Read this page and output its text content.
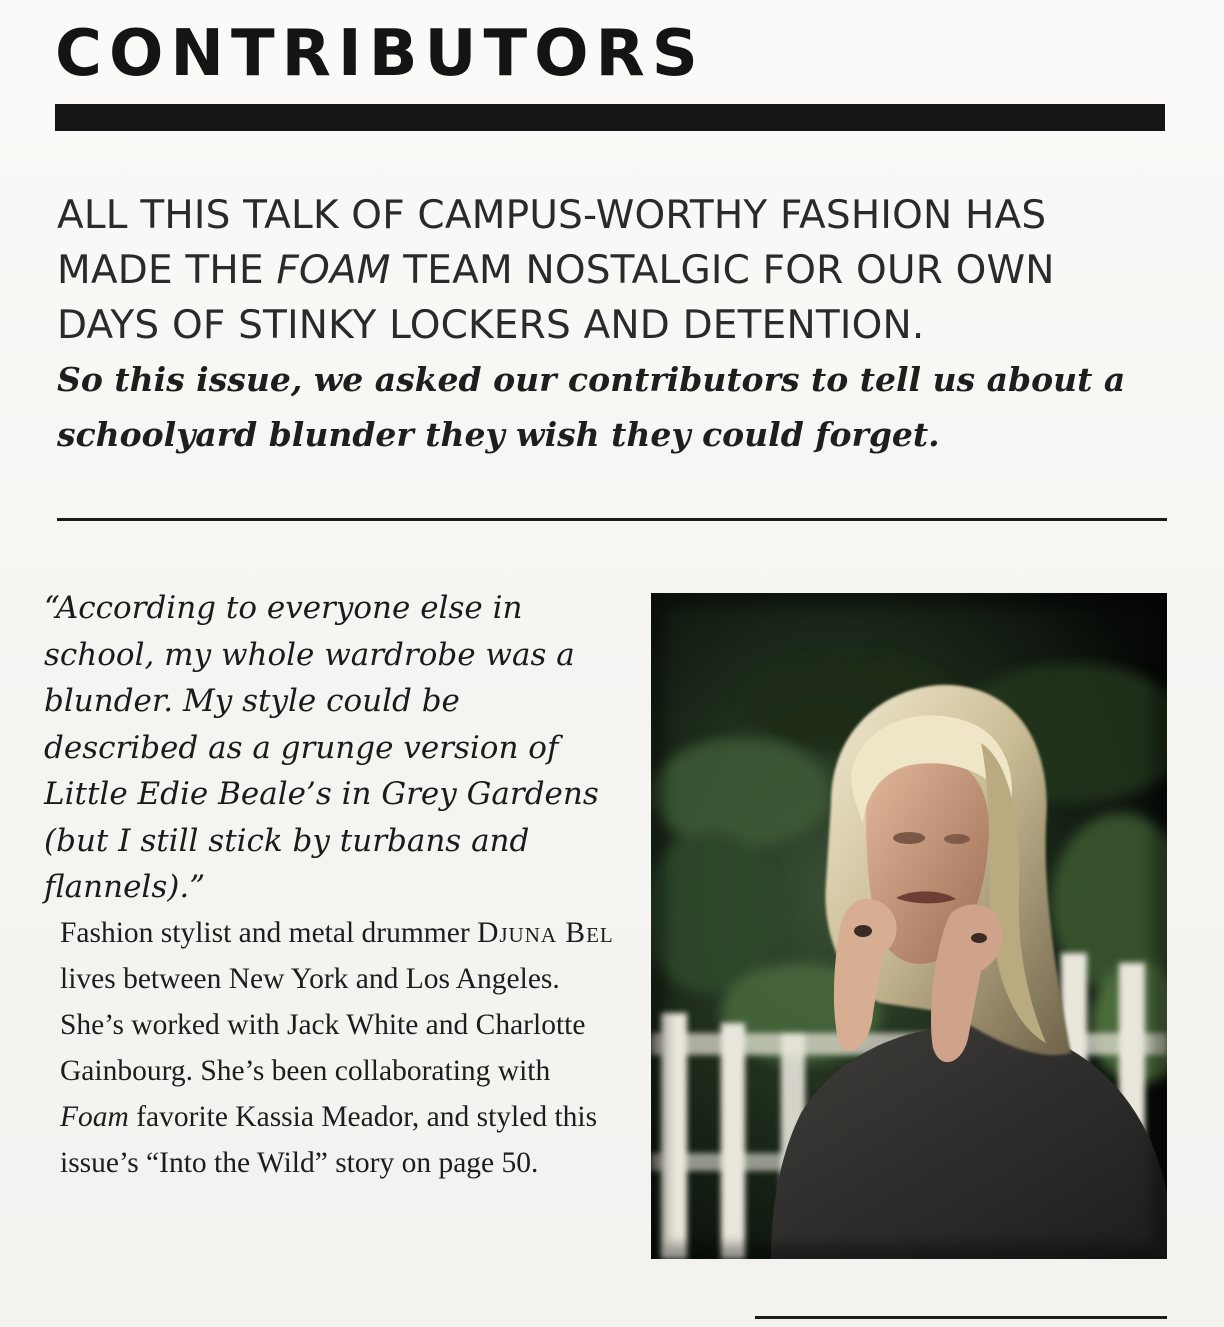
CONTRIBUTORS

ALL THIS TALK OF CAMPUS-WORTHY FASHION HAS MADE THE FOAM TEAM NOSTALGIC FOR OUR OWN DAYS OF STINKY LOCKERS AND DETENTION.

So this issue, we asked our contributors to tell us about a schoolyard blunder they wish they could forget.

“According to everyone else in school, my whole wardrobe was a blunder. My style could be described as a grunge version of Little Edie Beale’s in Grey Gardens (but I still stick by turbans and flannels).”

Fashion stylist and metal drummer Djuna Bel lives between New York and Los Angeles. She’s worked with Jack White and Charlotte Gainbourg. She’s been collaborating with Foam favorite Kassia Meador, and styled this issue’s “Into the Wild” story on page 50.
